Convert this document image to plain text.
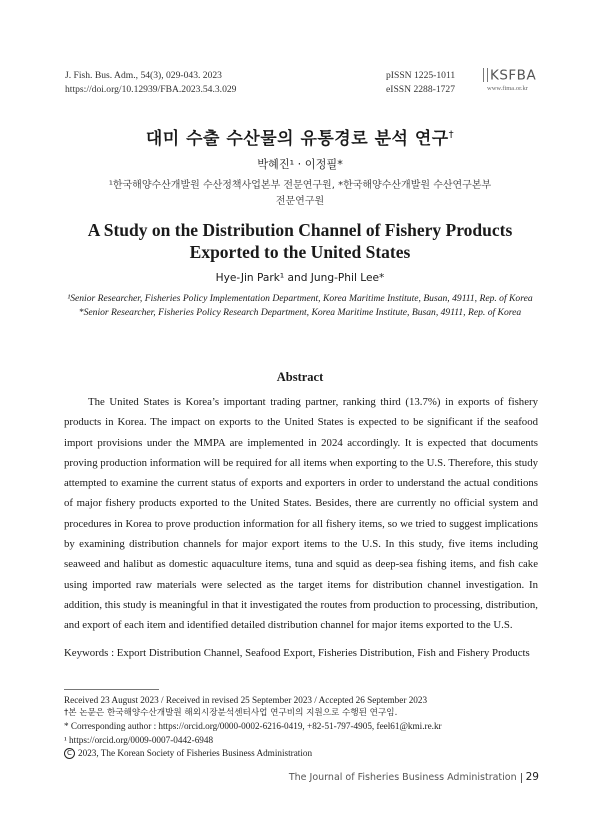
J. Fish. Bus. Adm., 54(3), 029-043. 2023
https://doi.org/10.12939/FBA.2023.54.3.029
pISSN 1225-1011
eISSN 2288-1727
KSFBA
www.fima.or.kr
대미 수출 수산물의 유통경로 분석 연구†
박혜진¹ · 이정필*
¹한국해양수산개발원 수산정책사업본부 전문연구원, *한국해양수산개발원 수산연구본부
전문연구원
A Study on the Distribution Channel of Fishery Products Exported to the United States
Hye-Jin Park¹ and Jung-Phil Lee*
¹Senior Researcher, Fisheries Policy Implementation Department, Korea Maritime Institute, Busan, 49111, Rep. of Korea
*Senior Researcher, Fisheries Policy Research Department, Korea Maritime Institute, Busan, 49111, Rep. of Korea
Abstract

The United States is Korea’s important trading partner, ranking third (13.7%) in exports of fishery products in Korea. The impact on exports to the United States is expected to be significant if the seafood import provisions under the MMPA are implemented in 2024 accordingly. It is expected that documents proving production information will be required for all items when exporting to the U.S. Therefore, this study attempted to examine the current status of exports and exporters in order to understand the actual conditions of major fishery products exported to the United States. Besides, there are currently no official system and procedures in Korea to prove production information for all fishery items, so we tried to suggest implications by examining distribution channels for major export items to the U.S. In this study, five items including seaweed and halibut as domestic aquaculture items, tuna and squid as deep-sea fishing items, and fish cake using imported raw materials were selected as the target items for distribution channel investigation. In addition, this study is meaningful in that it investigated the routes from production to processing, distribution, and export of each item and identified detailed distribution channel for major items exported to the U.S.

Keywords : Export Distribution Channel, Seafood Export, Fisheries Distribution, Fish and Fishery Products
Received 23 August 2023 / Received in revised 25 September 2023 / Accepted 26 September 2023
†본 논문은 한국해양수산개발원 해외시장분석센터사업 연구비의 지원으로 수행된 연구임.
* Corresponding author : https://orcid.org/0000-0002-6216-0419, +82-51-797-4905, feel61@kmi.re.kr
¹ https://orcid.org/0009-0007-0442-6948
C 2023, The Korean Society of Fisheries Business Administration
The Journal of Fisheries Business Administration 29
